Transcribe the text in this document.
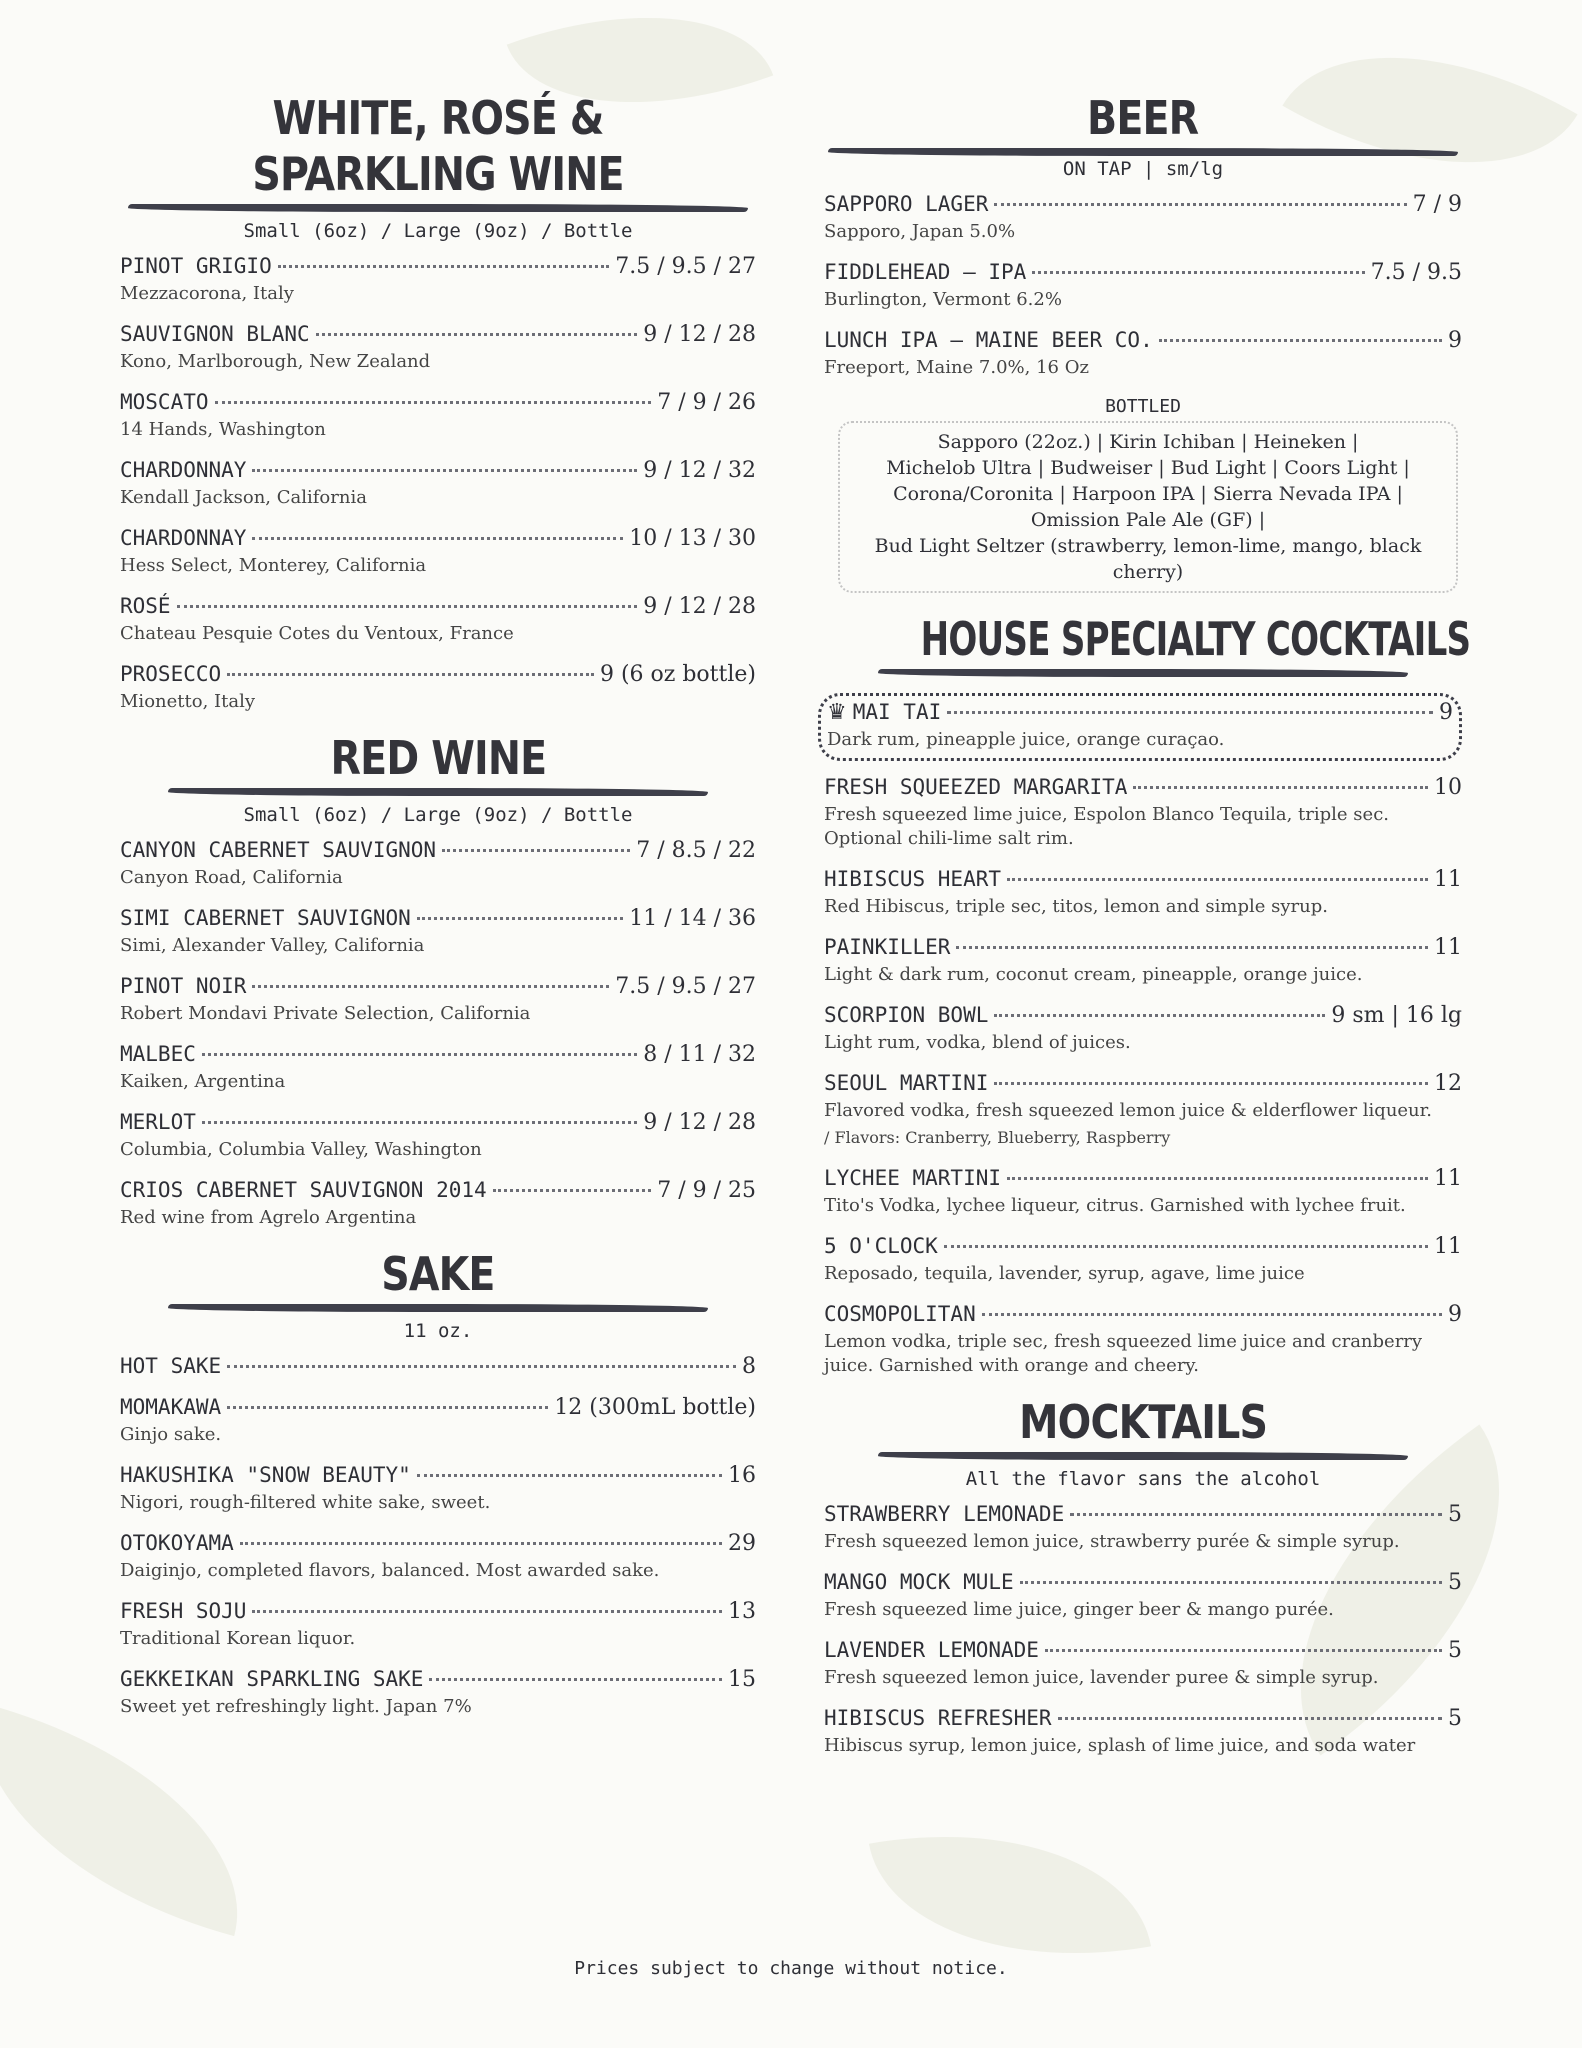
WHITE, ROSÉ & SPARKLING WINE
Small (6oz) / Large (9oz) / Bottle
PINOT GRIGIO	7.5 / 9.5 / 27
Mezzacorona, Italy
SAUVIGNON BLANC	9 / 12 / 28
Kono, Marlborough, New Zealand
MOSCATO	7 / 9 / 26
14 Hands, Washington
CHARDONNAY	9 / 12 / 32
Kendall Jackson, California
CHARDONNAY	10 / 13 / 30
Hess Select, Monterey, California
ROSÉ	9 / 12 / 28
Chateau Pesquie Cotes du Ventoux, France
PROSECCO	9 (6 oz bottle)
Mionetto, Italy
RED WINE
Small (6oz) / Large (9oz) / Bottle
CANYON CABERNET SAUVIGNON	7 / 8.5 / 22
Canyon Road, California
SIMI CABERNET SAUVIGNON	11 / 14 / 36
Simi, Alexander Valley, California
PINOT NOIR	7.5 / 9.5 / 27
Robert Mondavi Private Selection, California
MALBEC	8 / 11 / 32
Kaiken, Argentina
MERLOT	9 / 12 / 28
Columbia, Columbia Valley, Washington
CRIOS CABERNET SAUVIGNON 2014	7 / 9 / 25
Red wine from Agrelo Argentina
SAKE
11 oz.
HOT SAKE	8
MOMAKAWA	12 (300mL bottle)
Ginjo sake.
HAKUSHIKA "SNOW BEAUTY"	16
Nigori, rough-filtered white sake, sweet.
OTOKOYAMA	29
Daiginjo, completed flavors, balanced. Most awarded sake.
FRESH SOJU	13
Traditional Korean liquor.
GEKKEIKAN SPARKLING SAKE	15
Sweet yet refreshingly light. Japan 7%
BEER
ON TAP | sm/lg
SAPPORO LAGER	7 / 9
Sapporo, Japan 5.0%
FIDDLEHEAD – IPA	7.5 / 9.5
Burlington, Vermont 6.2%
LUNCH IPA – MAINE BEER CO.	9
Freeport, Maine 7.0%, 16 Oz
BOTTLED
Sapporo (22oz.) | Kirin Ichiban | Heineken |
Michelob Ultra | Budweiser | Bud Light | Coors Light |
Corona/Coronita | Harpoon IPA | Sierra Nevada IPA |
Omission Pale Ale (GF) |
Bud Light Seltzer (strawberry, lemon-lime, mango, black cherry)
HOUSE SPECIALTY COCKTAILS
♛ MAI TAI	9
Dark rum, pineapple juice, orange curaçao.
FRESH SQUEEZED MARGARITA	10
Fresh squeezed lime juice, Espolon Blanco Tequila, triple sec. Optional chili-lime salt rim.
HIBISCUS HEART	11
Red Hibiscus, triple sec, titos, lemon and simple syrup.
PAINKILLER	11
Light & dark rum, coconut cream, pineapple, orange juice.
SCORPION BOWL	9 sm | 16 lg
Light rum, vodka, blend of juices.
SEOUL MARTINI	12
Flavored vodka, fresh squeezed lemon juice & elderflower liqueur.
/ Flavors: Cranberry, Blueberry, Raspberry
LYCHEE MARTINI	11
Tito's Vodka, lychee liqueur, citrus. Garnished with lychee fruit.
5 O'CLOCK	11
Reposado, tequila, lavender, syrup, agave, lime juice
COSMOPOLITAN	9
Lemon vodka, triple sec, fresh squeezed lime juice and cranberry juice. Garnished with orange and cheery.
MOCKTAILS
All the flavor sans the alcohol
STRAWBERRY LEMONADE	5
Fresh squeezed lemon juice, strawberry purée & simple syrup.
MANGO MOCK MULE	5
Fresh squeezed lime juice, ginger beer & mango purée.
LAVENDER LEMONADE	5
Fresh squeezed lemon juice, lavender puree & simple syrup.
HIBISCUS REFRESHER	5
Hibiscus syrup, lemon juice, splash of lime juice, and soda water
Prices subject to change without notice.
